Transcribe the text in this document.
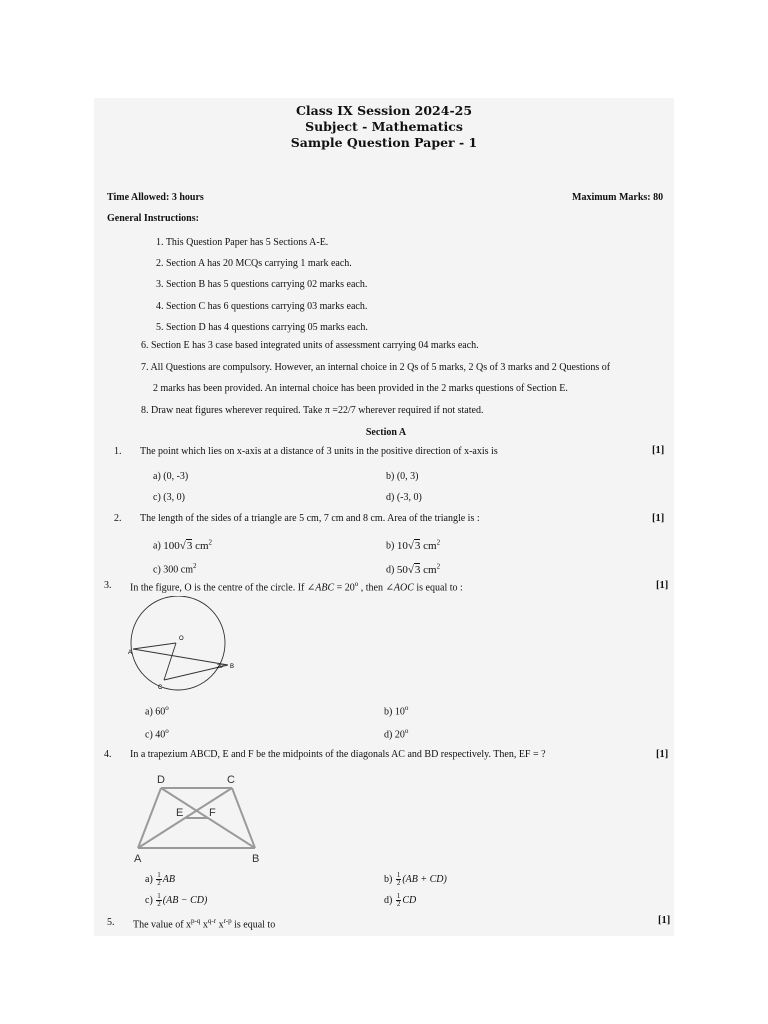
Class IX Session 2024-25
Subject - Mathematics
Sample Question Paper - 1
Time Allowed: 3 hours	Maximum Marks: 80
General Instructions:
1. This Question Paper has 5 Sections A-E.
2. Section A has 20 MCQs carrying 1 mark each.
3. Section B has 5 questions carrying 02 marks each.
4. Section C has 6 questions carrying 03 marks each.
5. Section D has 4 questions carrying 05 marks each.
6. Section E has 3 case based integrated units of assessment carrying 04 marks each.
7. All Questions are compulsory. However, an internal choice in 2 Qs of 5 marks, 2 Qs of 3 marks and 2 Questions of
2 marks has been provided. An internal choice has been provided in the 2 marks questions of Section E.
8. Draw neat figures wherever required. Take π =22/7 wherever required if not stated.
Section A
1. The point which lies on x-axis at a distance of 3 units in the positive direction of x-axis is	[1]
a) (0, -3)	b) (0, 3)
c) (3, 0)	d) (-3, 0)
2. The length of the sides of a triangle are 5 cm, 7 cm and 8 cm. Area of the triangle is :	[1]
a) 100√3 $cm^2$	b) 10√3 $cm^2$
c) 300 $cm^2$	d) 50√3 $cm^2$
3. In the figure, O is the centre of the circle. If ∠ABC = $20^o$ , then ∠AOC is equal to :	[1]
O
A
B
C
20°
a) 60$^o$	b) 10$^o$
c) 40$^o$	d) 20$^o$
4. In a trapezium ABCD, E and F be the midpoints of the diagonals AC and BD respectively. Then, EF = ?	[1]
D	C
E F
A	B
$a) \frac{1}{2}$ AB	$b) \frac{1}{2} (AB + CD)$
$c) \frac{1}{2} (AB - CD)$	$d) \frac{1}{2}$ CD
5. The value of $x^{p-q}$ $x^{q-r}$ $x^{r-p}$ is equal to	[1]
